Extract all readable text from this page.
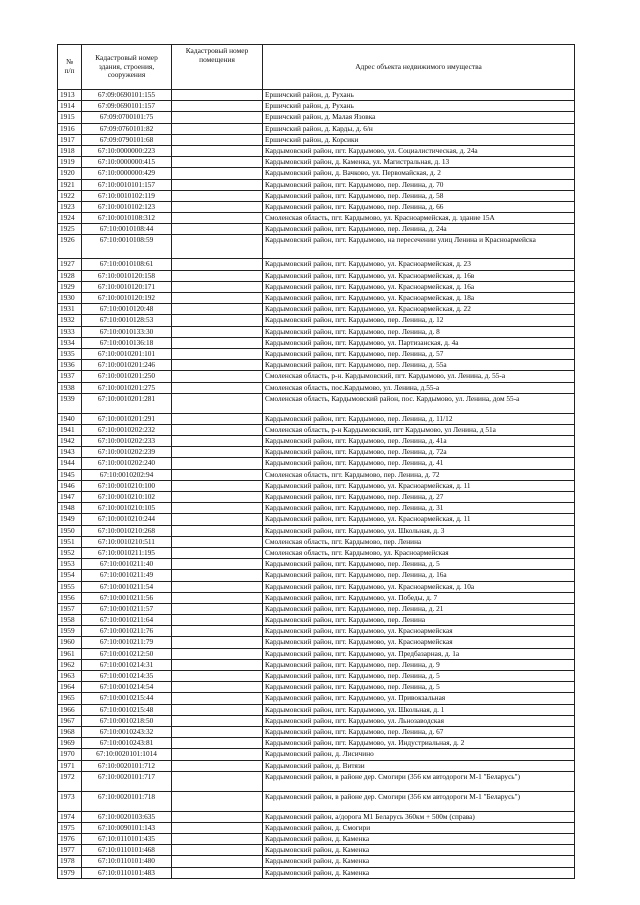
№
п/п	Кадастровый номер здания, строения, сооружения	Кадастровый номер помещения	Адрес объекта недвижимого имущества
1913	67:09:0690101:155		Ершичский район, д. Рухань
1914	67:09:0690101:157		Ершичский район, д. Рухань
1915	67:09:0700101:75		Ершичский район, д. Малая Язовка
1916	67:09:0760101:82		Ершичский район, д. Карды, д. 6/н
1917	67:09:0790101:68		Ершичский район, д. Корсики
1918	67:10:0000000:223		Кардымовский район, пгт. Кардымово, ул. Социалистическая, д. 24а
1919	67:10:0000000:415		Кардымовский район, д. Каменка, ул. Магистральная, д. 13
1920	67:10:0000000:429		Кардымовский район, д. Вачково, ул. Первомайская, д. 2
1921	67:10:0010101:157		Кардымовский район, пгт. Кардымово, пер. Ленина, д. 70
1922	67:10:0010102:119		Кардымовский район, пгт. Кардымово, пер. Ленина, д. 58
1923	67:10:0010102:123		Кардымовский район, пгт. Кардымово, пер. Ленина, д. 66
1924	67:10:0010108:312		Смоленская область, пгт. Кардымово, ул. Красноармейская, д. здание 15А
1925	67:10:0010108:44		Кардымовский район, пгт. Кардымово, пер. Ленина, д. 24а
1926	67:10:0010108:59		Кардымовский район, пгт. Кардымово, на пересечении улиц Ленина и Красноармейска
1927	67:10:0010108:61		Кардымовский район, пгт. Кардымово, ул. Красноармейская, д. 23
1928	67:10:0010120:158		Кардымовский район, пгт. Кардымово, ул. Красноармейская, д. 16в
1929	67:10:0010120:171		Кардымовский район, пгт. Кардымово, ул. Красноармейская, д. 16а
1930	67:10:0010120:192		Кардымовский район, пгт. Кардымово, ул. Красноармейская, д. 18а
1931	67:10:0010120:48		Кардымовский район, пгт. Кардымово, ул. Красноармейская, д. 22
1932	67:10:0010128:53		Кардымовский район, пгт. Кардымово, пер. Ленина, д. 12
1933	67:10:0010133:30		Кардымовский район, пгт. Кардымово, пер. Ленина, д. 8
1934	67:10:0010136:18		Кардымовский район, пгт. Кардымово, ул. Партизанская, д. 4а
1935	67:10:0010201:101		Кардымовский район, пгт. Кардымово, пер. Ленина, д. 57
1936	67:10:0010201:246		Кардымовский район, пгт. Кардымово, пер. Ленина, д. 55а
1937	67:10:0010201:250		Смоленская область, р-н. Кардымовский, пгт. Кардымово, ул. Ленина, д. 55-а
1938	67:10:0010201:275		Смоленская область, пос.Кардымово, ул. Ленина, д.55-а
1939	67:10:0010201:281		Смоленская область, Кардымовский район, пос. Кардымово, ул. Ленина, дом 55-а
1940	67:10:0010201:291		Кардымовский район, пгт. Кардымово, пер. Ленина, д. 11/12
1941	67:10:0010202:232		Смоленская область, р-н Кардымовский, пгт Кардымово, ул Ленина, д 51а
1942	67:10:0010202:233		Кардымовский район, пгт. Кардымово, пер. Ленина, д. 41а
1943	67:10:0010202:239		Кардымовский район, пгт. Кардымово, пер. Ленина, д. 72а
1944	67:10:0010202:240		Кардымовский район, пгт. Кардымово, пер. Ленина, д. 41
1945	67:10:0010202:94		Смоленская область, пгт. Кардымово, пер. Ленина, д. 72
1946	67:10:0010210:100		Кардымовский район, пгт. Кардымово, ул. Красноармейская, д. 11
1947	67:10:0010210:102		Кардымовский район, пгт. Кардымово, пер. Ленина, д. 27
1948	67:10:0010210:105		Кардымовский район, пгт. Кардымово, пер. Ленина, д. 31
1949	67:10:0010210:244		Кардымовский район, пгт. Кардымово, ул. Красноармейская, д. 11
1950	67:10:0010210:268		Кардымовский район, пгт. Кардымово, ул. Школьная, д. 3
1951	67:10:0010210:511		Смоленская область, пгт. Кардымово, пер. Ленина
1952	67:10:0010211:195		Смоленская область, пгт. Кардымово, ул. Красноармейская
1953	67:10:0010211:40		Кардымовский район, пгт. Кардымово, пер. Ленина, д. 5
1954	67:10:0010211:49		Кардымовский район, пгт. Кардымово, пер. Ленина, д. 16а
1955	67:10:0010211:54		Кардымовский район, пгт. Кардымово, ул. Красноармейская, д. 10а
1956	67:10:0010211:56		Кардымовский район, пгт. Кардымово, ул. Победы, д. 7
1957	67:10:0010211:57		Кардымовский район, пгт. Кардымово, пер. Ленина, д. 21
1958	67:10:0010211:64		Кардымовский район, пгт. Кардымово, пер. Ленина
1959	67:10:0010211:76		Кардымовский район, пгт. Кардымово, ул. Красноармейская
1960	67:10:0010211:79		Кардымовский район, пгт. Кардымово, ул. Красноармейская
1961	67:10:0010212:50		Кардымовский район, пгт. Кардымово, ул. Предбазарная, д. 1а
1962	67:10:0010214:31		Кардымовский район, пгт. Кардымово, пер. Ленина, д. 9
1963	67:10:0010214:35		Кардымовский район, пгт. Кардымово, пер. Ленина, д. 5
1964	67:10:0010214:54		Кардымовский район, пгт. Кардымово, пер. Ленина, д. 5
1965	67:10:0010215:44		Кардымовский район, пгт. Кардымово, ул. Привокзальная
1966	67:10:0010215:48		Кардымовский район, пгт. Кардымово, ул. Школьная, д. 1
1967	67:10:0010218:50		Кардымовский район, пгт. Кардымово, ул. Льнозаводская
1968	67:10:0010243:32		Кардымовский район, пгт. Кардымово, пер. Ленина, д. 67
1969	67:10:0010243:81		Кардымовский район, пгт. Кардымово, ул. Индустриальная, д. 2
1970	67:10:0020101:1014		Кардымовский район, д. Лисичино
1971	67:10:0020101:712		Кардымовский район, д. Витязи
1972	67:10:0020101:717		Кардымовский район, в районе дер. Смогири (356 км автодороги М-1 "Беларусь")
1973	67:10:0020101:718		Кардымовский район, в районе дер. Смогири (356 км автодороги М-1 "Беларусь")
1974	67:10:0020103:635		Кардымовский район, а/дорога М1 Беларусь 360км + 500м (справа)
1975	67:10:0090101:143		Кардымовский район, д. Смогири
1976	67:10:0110101:435		Кардымовский район, д. Каменка
1977	67:10:0110101:468		Кардымовский район, д. Каменка
1978	67:10:0110101:480		Кардымовский район, д. Каменка
1979	67:10:0110101:483		Кардымовский район, д. Каменка
